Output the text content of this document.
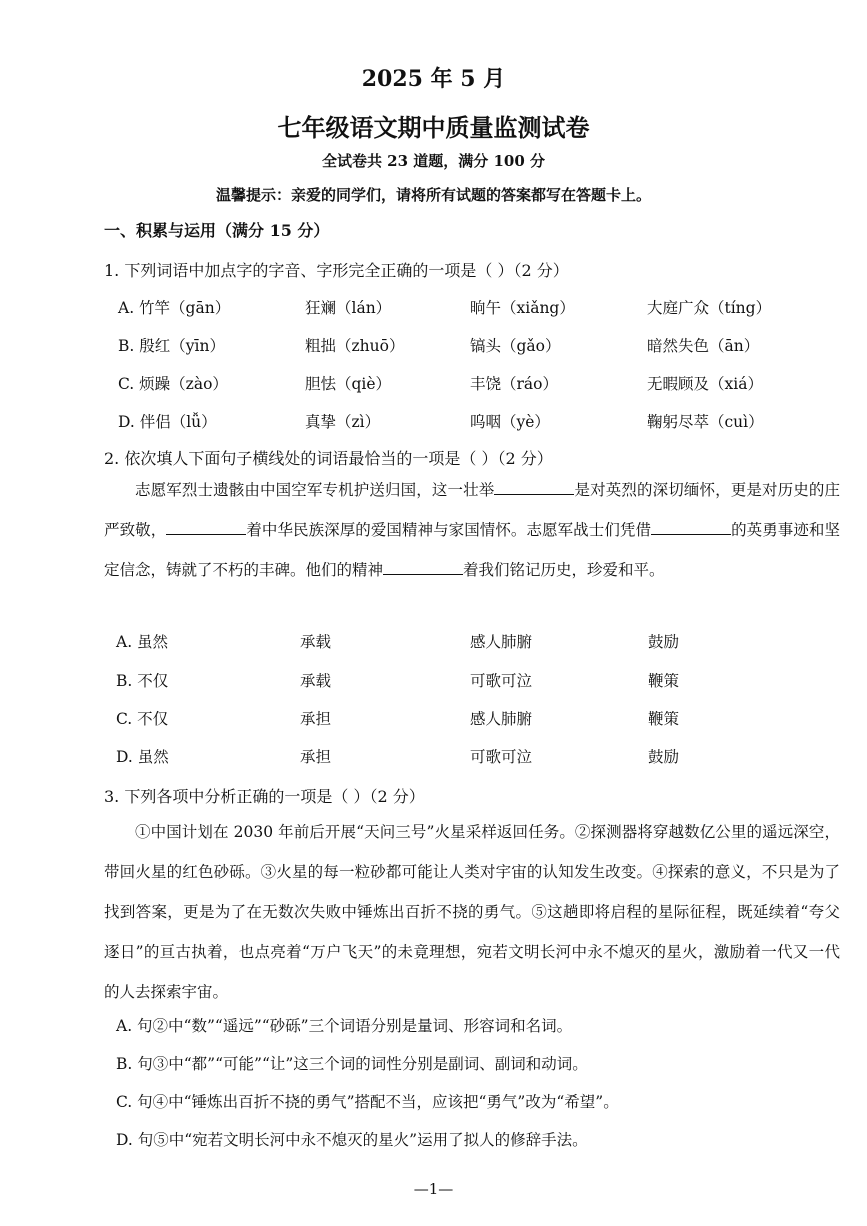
2025 年 5 月
七年级语文期中质量监测试卷
全试卷共 23 道题，满分 100 分
温馨提示：亲爱的同学们，请将所有试题的答案都写在答题卡上。
一、积累与运用（满分 15 分）
1. 下列词语中加点字的字音、字形完全正确的一项是（ ）（2 分）
A. 竹竿（gān）	狂斓（lán）	晌午（xiǎng）	大庭广众（tíng）
B. 殷红（yīn）	粗拙（zhuō）	镐头（gǎo）	暗然失色（ān）
C. 烦躁（zào）	胆怯（qiè）	丰饶（ráo）	无暇顾及（xiá）
D. 伴侣（lǚ）	真挚（zì）	呜咽（yè）	鞠躬尽萃（cuì）
2. 依次填人下面句子横线处的词语最恰当的一项是（ ）（2 分）

志愿军烈士遗骸由中国空军专机护送归国，这一壮举	是对英烈的深切缅怀，更是对历史的庄严致敬，	着中华民族深厚的爱国精神与家国情怀。志愿军战士们凭借	的英勇事迹和坚定信念，铸就了不朽的丰碑。他们的精神	着我们铭记历史，珍爱和平。

A. 虽然	承载	感人肺腑	鼓励
B. 不仅	承载	可歌可泣	鞭策
C. 不仅	承担	感人肺腑	鞭策
D. 虽然	承担	可歌可泣	鼓励
3. 下列各项中分析正确的一项是（ ）（2 分）

①中国计划在 2030 年前后开展“天问三号”火星采样返回任务。②探测器将穿越数亿公里的遥远深空，带回火星的红色砂砾。③火星的每一粒砂都可能让人类对宇宙的认知发生改变。④探索的意义，不只是为了找到答案，更是为了在无数次失败中锤炼出百折不挠的勇气。⑤这趟即将启程的星际征程，既延续着“夸父逐日”的亘古执着，也点亮着“万户飞天”的未竟理想，宛若文明长河中永不熄灭的星火，激励着一代又一代的人去探索宇宙。

A. 句②中“数”“遥远”“砂砾”三个词语分别是量词、形容词和名词。
B. 句③中“都”“可能”“让”这三个词的词性分别是副词、副词和动词。
C. 句④中“锤炼出百折不挠的勇气”搭配不当，应该把“勇气”改为“希望”。
D. 句⑤中“宛若文明长河中永不熄灭的星火”运用了拟人的修辞手法。
—1—
